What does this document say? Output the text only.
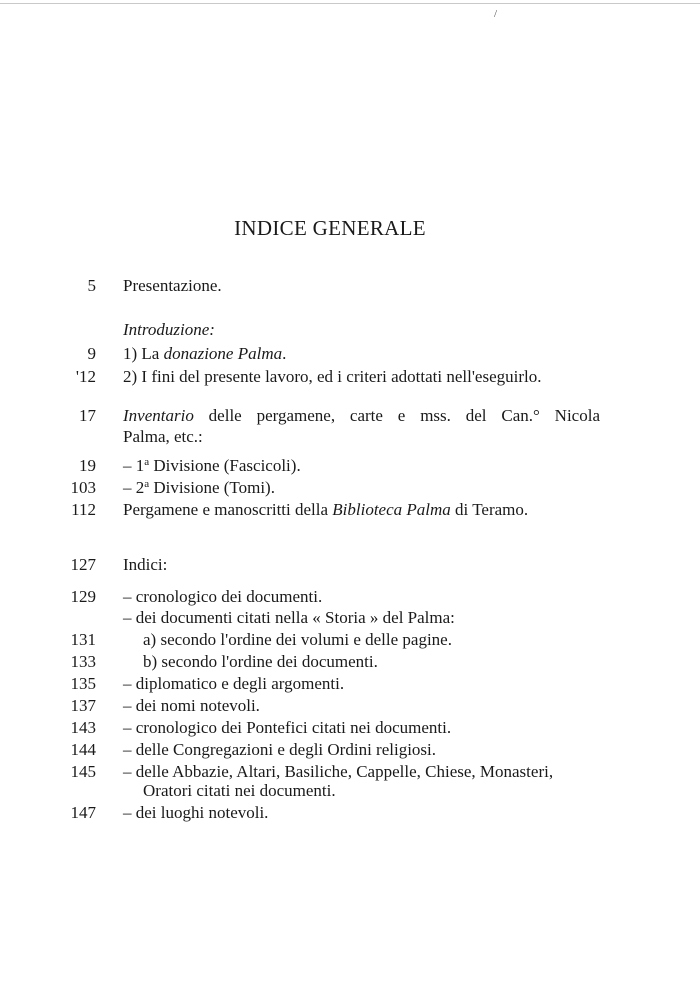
/
INDICE GENERALE
5 Presentazione.
Introduzione:
9 1) La donazione Palma.
'12 2) I fini del presente lavoro, ed i criteri adottati nell'eseguirlo.
17 Inventario delle pergamene, carte e mss. del Can.° Nicola
Palma, etc.:
19 – 1$^a$ Divisione (Fascicoli).
103 – 2$^a$ Divisione (Tomi).
112 Pergamene e manoscritti della Biblioteca Palma di Teramo.
127 Indici:
129 – cronologico dei documenti.
– dei documenti citati nella « Storia » del Palma:
131	a) secondo l'ordine dei volumi e delle pagine.
133	b) secondo l'ordine dei documenti.
135 – diplomatico e degli argomenti.
137 – dei nomi notevoli.
143 – cronologico dei Pontefici citati nei documenti.
144 – delle Congregazioni e degli Ordini religiosi.
145 – delle Abbazie, Altari, Basiliche, Cappelle, Chiese, Monasteri,
Oratori citati nei documenti.
147 – dei luoghi notevoli.
